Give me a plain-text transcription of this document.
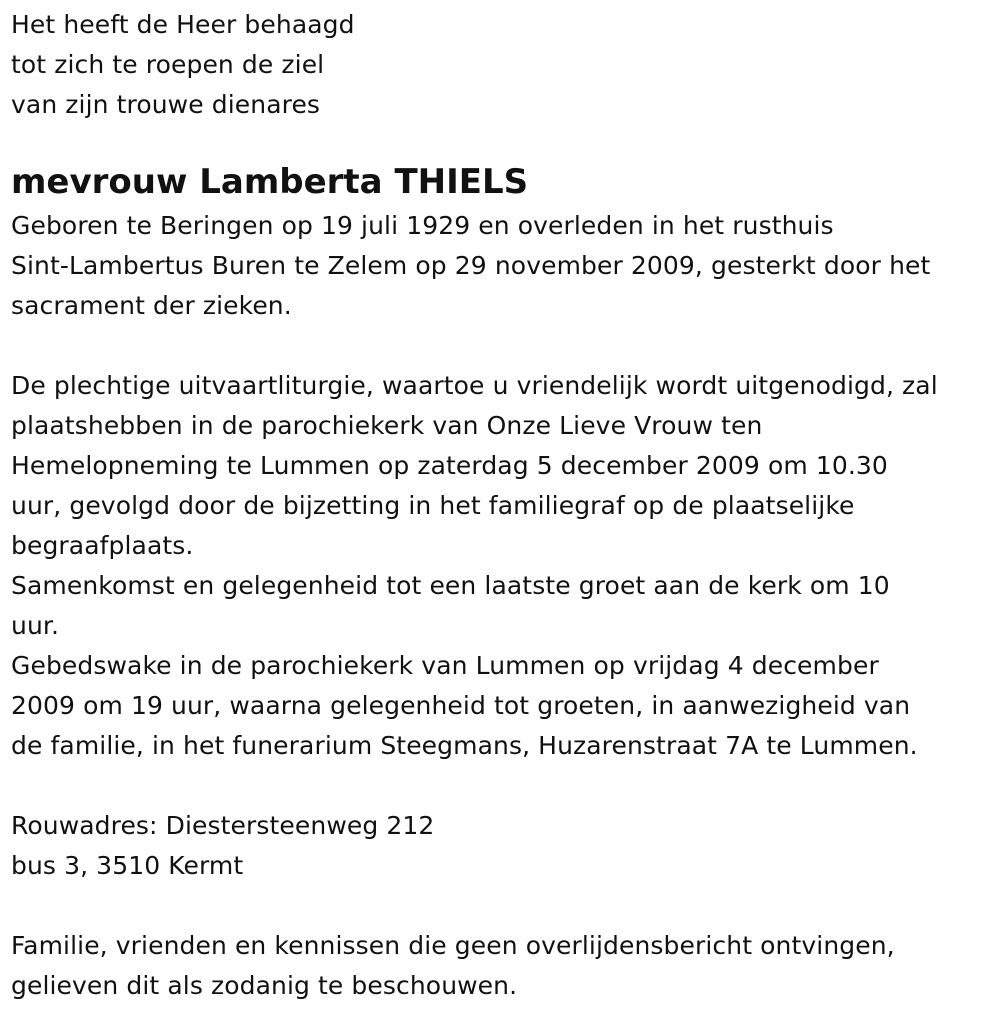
Het heeft de Heer behaagd
tot zich te roepen de ziel
van zijn trouwe dienares
mevrouw Lamberta THIELS
Geboren te Beringen op 19 juli 1929 en overleden in het rusthuis
Sint-Lambertus Buren te Zelem op 29 november 2009, gesterkt door het
sacrament der zieken.
De plechtige uitvaartliturgie, waartoe u vriendelijk wordt uitgenodigd, zal
plaatshebben in de parochiekerk van Onze Lieve Vrouw ten
Hemelopneming te Lummen op zaterdag 5 december 2009 om 10.30
uur, gevolgd door de bijzetting in het familiegraf op de plaatselijke
begraafplaats.
Samenkomst en gelegenheid tot een laatste groet aan de kerk om 10
uur.
Gebedswake in de parochiekerk van Lummen op vrijdag 4 december
2009 om 19 uur, waarna gelegenheid tot groeten, in aanwezigheid van
de familie, in het funerarium Steegmans, Huzarenstraat 7A te Lummen.
Rouwadres: Diestersteenweg 212
bus 3, 3510 Kermt
Familie, vrienden en kennissen die geen overlijdensbericht ontvingen,
gelieven dit als zodanig te beschouwen.
